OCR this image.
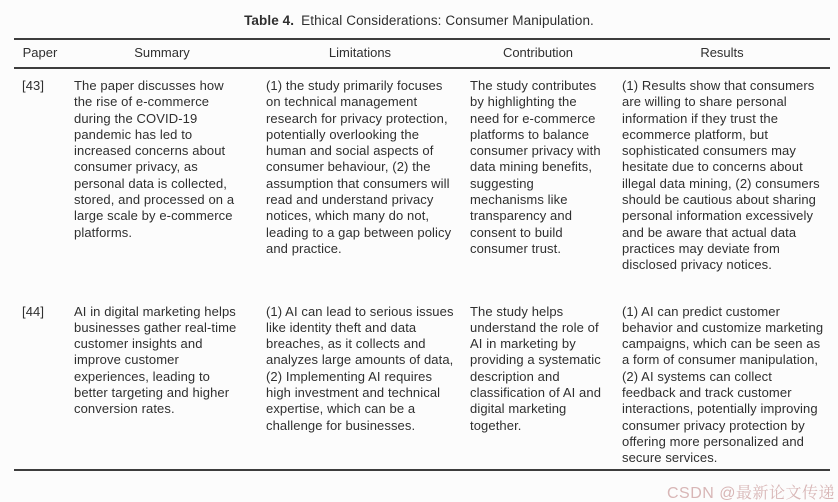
Table 4. Ethical Considerations: Consumer Manipulation.
Paper	Summary	Limitations	Contribution	Results
[43]	The paper discusses how the rise of e-commerce during the COVID-19 pandemic has led to increased concerns about consumer privacy, as personal data is collected, stored, and processed on a large scale by e-commerce platforms.	(1) the study primarily focuses on technical management research for privacy protection, potentially overlooking the human and social aspects of consumer behaviour, (2) the assumption that consumers will read and understand privacy notices, which many do not, leading to a gap between policy and practice.	The study contributes by highlighting the need for e-commerce platforms to balance consumer privacy with data mining benefits, suggesting mechanisms like transparency and consent to build consumer trust.	(1) Results show that consumers are willing to share personal information if they trust the ecommerce platform, but sophisticated consumers may hesitate due to concerns about illegal data mining, (2) consumers should be cautious about sharing personal information excessively and be aware that actual data practices may deviate from disclosed privacy notices.
[44]	AI in digital marketing helps businesses gather real-time customer insights and improve customer experiences, leading to better targeting and higher conversion rates.	(1) AI can lead to serious issues like identity theft and data breaches, as it collects and analyzes large amounts of data, (2) Implementing AI requires high investment and technical expertise, which can be a challenge for businesses.	The study helps understand the role of AI in marketing by providing a systematic description and classification of AI and digital marketing together.	(1) AI can predict customer behavior and customize marketing campaigns, which can be seen as a form of consumer manipulation, (2) AI systems can collect feedback and track customer interactions, potentially improving consumer privacy protection by offering more personalized and secure services.
CSDN @最新论文传递
